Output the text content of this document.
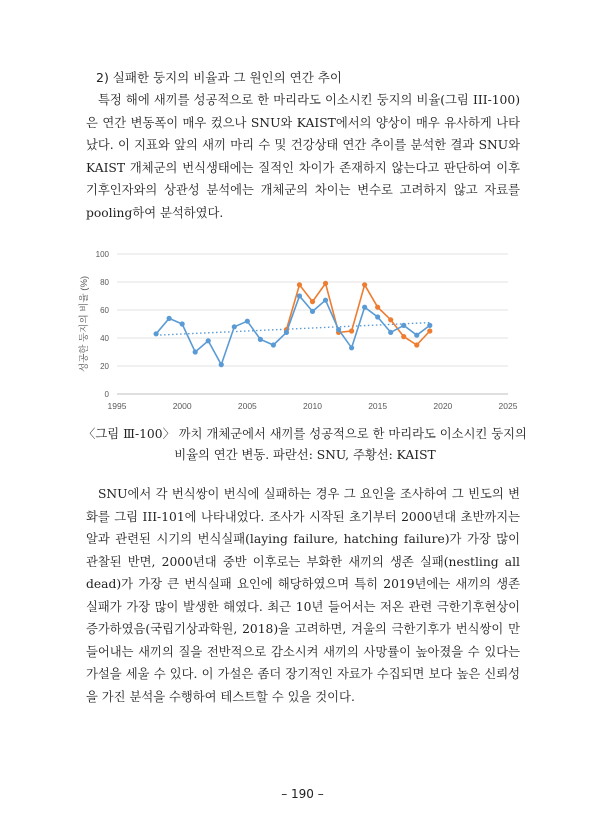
2) 실패한 둥지의 비율과 그 원인의 연간 추이

특정 해에 새끼를 성공적으로 한 마리라도 이소시킨 둥지의 비율(그림 III-100)은 연간 변동폭이 매우 컸으나 SNU와 KAIST에서의 양상이 매우 유사하게 나타났다. 이 지표와 앞의 새끼 마리 수 및 건강상태 연간 추이를 분석한 결과 SNU와 KAIST 개체군의 번식생태에는 질적인 차이가 존재하지 않는다고 판단하여 이후 기후인자와의 상관성 분석에는 개체군의 차이는 변수로 고려하지 않고 자료를 pooling하여 분석하였다.

0
20
40
60
80
100
1995	2000	2005	2010	2015	2020	2025
성공한 둥지의 비율 (%)

〈그림 Ⅲ-100〉 까치 개체군에서 새끼를 성공적으로 한 마리라도 이소시킨 둥지의

비율의 연간 변동. 파란선: SNU, 주황선: KAIST

SNU에서 각 번식쌍이 번식에 실패하는 경우 그 요인을 조사하여 그 빈도의 변화를 그림 III-101에 나타내었다. 조사가 시작된 초기부터 2000년대 초반까지는 알과 관련된 시기의 번식실패(laying failure, hatching failure)가 가장 많이 관찰된 반면, 2000년대 중반 이후로는 부화한 새끼의 생존 실패(nestling all dead)가 가장 큰 번식실패 요인에 해당하였으며 특히 2019년에는 새끼의 생존실패가 가장 많이 발생한 해였다. 최근 10년 들어서는 저온 관련 극한기후현상이 증가하였음(국립기상과학원, 2018)을 고려하면, 겨울의 극한기후가 번식쌍이 만들어내는 새끼의 질을 전반적으로 감소시켜 새끼의 사망률이 높아졌을 수 있다는 가설을 세울 수 있다. 이 가설은 좀더 장기적인 자료가 수집되면 보다 높은 신뢰성을 가진 분석을 수행하여 테스트할 수 있을 것이다.

– 190 –
